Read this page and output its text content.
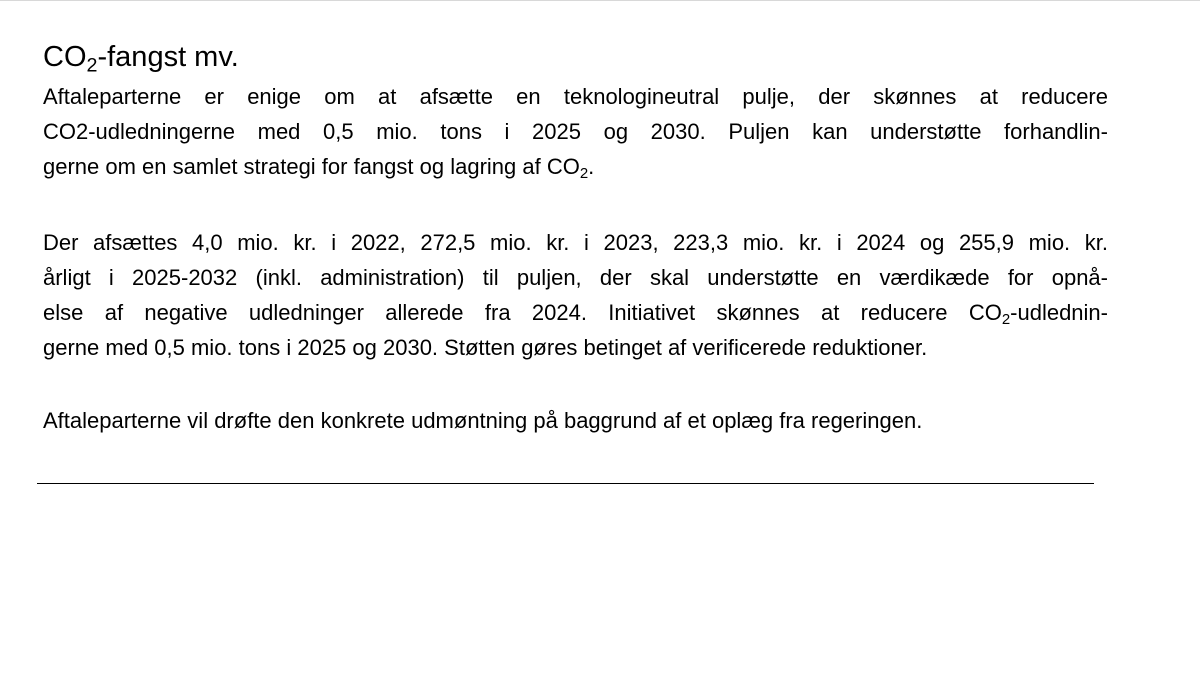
$CO_2$-fangst mv.
Aftaleparterne er enige om at afsætte en teknologineutral pulje, der skønnes at reducere
CO2-udledningerne med 0,5 mio. tons i 2025 og 2030. Puljen kan understøtte forhandlin-
gerne om en samlet strategi for fangst og lagring af $CO_2$.
Der afsættes 4,0 mio. kr. i 2022, 272,5 mio. kr. i 2023, 223,3 mio. kr. i 2024 og 255,9 mio. kr.
årligt i 2025-2032 (inkl. administration) til puljen, der skal understøtte en værdikæde for opnå-
else af negative udledninger allerede fra 2024. Initiativet skønnes at reducere $CO_2-udlednin-$
gerne med 0,5 mio. tons i 2025 og 2030. Støtten gøres betinget af verificerede reduktioner.
Aftaleparterne vil drøfte den konkrete udmøntning på baggrund af et oplæg fra regeringen.
